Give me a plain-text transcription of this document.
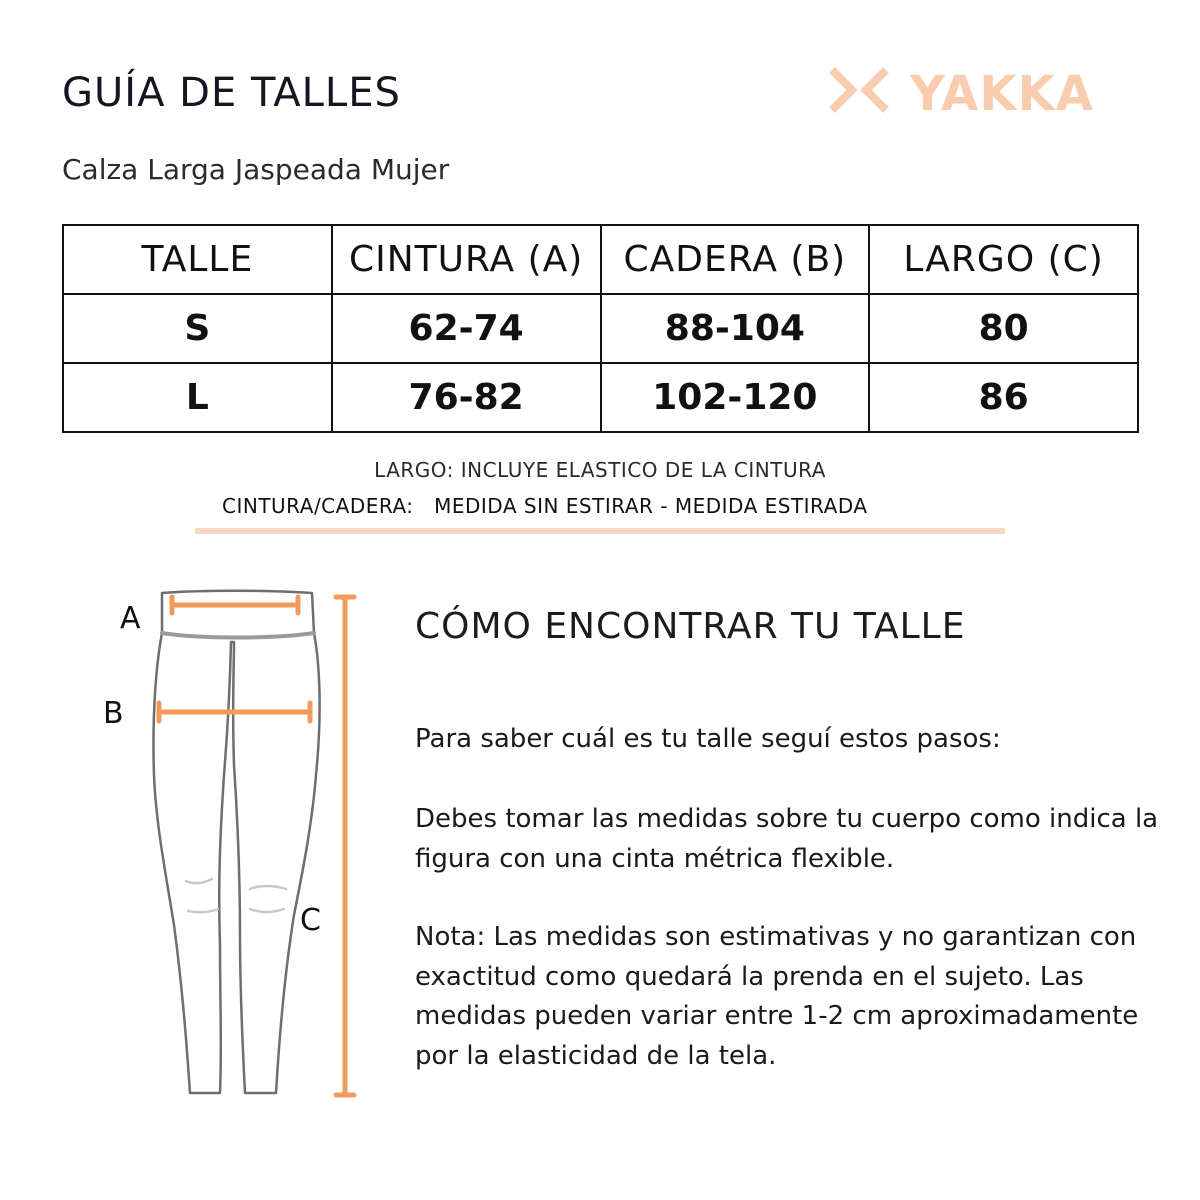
GUÍA DE TALLES
Calza Larga Jaspeada Mujer
YAKKA
TALLE	CINTURA (A)	CADERA (B)	LARGO (C)
S	62-74	88-104	80
L	76-82	102-120	86
LARGO: INCLUYE ELASTICO DE LA CINTURA
CINTURA/CADERA:   MEDIDA SIN ESTIRAR - MEDIDA ESTIRADA
A
B
C
CÓMO ENCONTRAR TU TALLE
Para saber cuál es tu talle seguí estos pasos:
Debes tomar las medidas sobre tu cuerpo como indica la figura con una cinta métrica flexible.
Nota: Las medidas son estimativas y no garantizan con exactitud como quedará la prenda en el sujeto. Las medidas pueden variar entre 1-2 cm aproximadamente por la elasticidad de la tela.
